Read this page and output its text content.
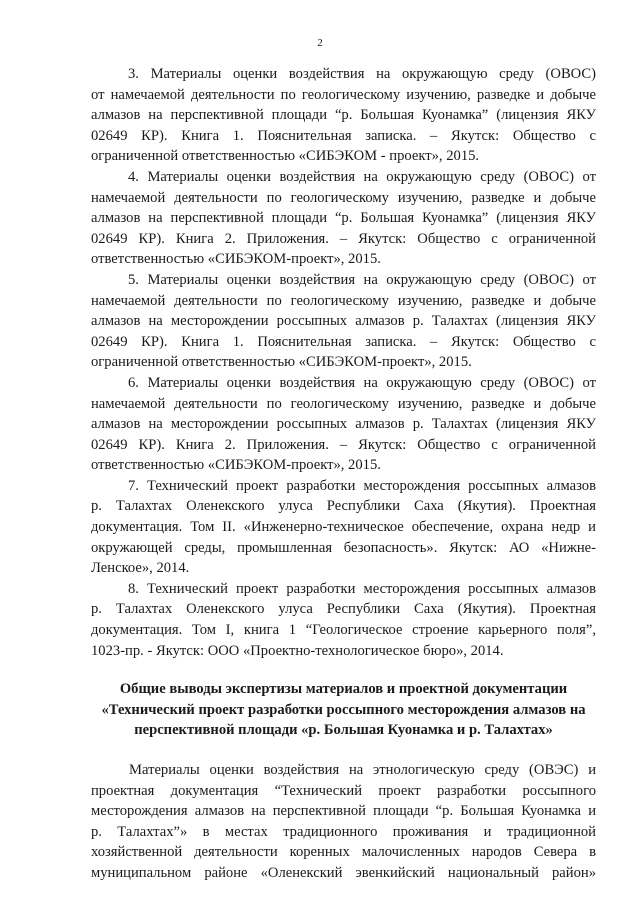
2

3. Материалы оценки воздействия на окружающую среду (ОВОС)
от намечаемой деятельности по геологическому изучению, разведке и добыче
алмазов на перспективной площади “р. Большая Куонамка” (лицензия ЯКУ
02649 КР). Книга 1. Пояснительная записка. – Якутск: Общество с
ограниченной ответственностью «СИБЭКОМ - проект», 2015.

4. Материалы оценки воздействия на окружающую среду (ОВОС) от
намечаемой деятельности по геологическому изучению, разведке и добыче
алмазов на перспективной площади “р. Большая Куонамка” (лицензия ЯКУ
02649 КР). Книга 2. Приложения. – Якутск: Общество с ограниченной
ответственностью «СИБЭКОМ-проект», 2015.

5. Материалы оценки воздействия на окружающую среду (ОВОС) от
намечаемой деятельности по геологическому изучению, разведке и добыче
алмазов на месторождении россыпных алмазов р. Талахтах (лицензия ЯКУ
02649 КР). Книга 1. Пояснительная записка. – Якутск: Общество с
ограниченной ответственностью «СИБЭКОМ-проект», 2015.

6. Материалы оценки воздействия на окружающую среду (ОВОС) от
намечаемой деятельности по геологическому изучению, разведке и добыче
алмазов на месторождении россыпных алмазов р. Талахтах (лицензия ЯКУ
02649 КР). Книга 2. Приложения. – Якутск: Общество с ограниченной
ответственностью «СИБЭКОМ-проект», 2015.

7. Технический проект разработки месторождения россыпных алмазов
р. Талахтах Оленекского улуса Республики Саха (Якутия). Проектная
документация. Том II. «Инженерно-техническое обеспечение, охрана недр и
окружающей среды, промышленная безопасность». Якутск: АО «Нижне-
Ленское», 2014.

8. Технический проект разработки месторождения россыпных алмазов
р. Талахтах Оленекского улуса Республики Саха (Якутия). Проектная
документация. Том I, книга 1 “Геологическое строение карьерного поля”,
1023-пр. - Якутск: ООО «Проектно-технологическое бюро», 2014.

Общие выводы экспертизы материалов и проектной документации
«Технический проект разработки россыпного месторождения алмазов на
перспективной площади «р. Большая Куонамка и р. Талахтах»

Материалы оценки воздействия на этнологическую среду (ОВЭС) и
проектная документация “Технический проект разработки россыпного
месторождения алмазов на перспективной площади “р. Большая Куонамка и
р. Талахтах”» в местах традиционного проживания и традиционной
хозяйственной деятельности коренных малочисленных народов Севера в
муниципальном районе «Оленекский эвенкийский национальный район»
